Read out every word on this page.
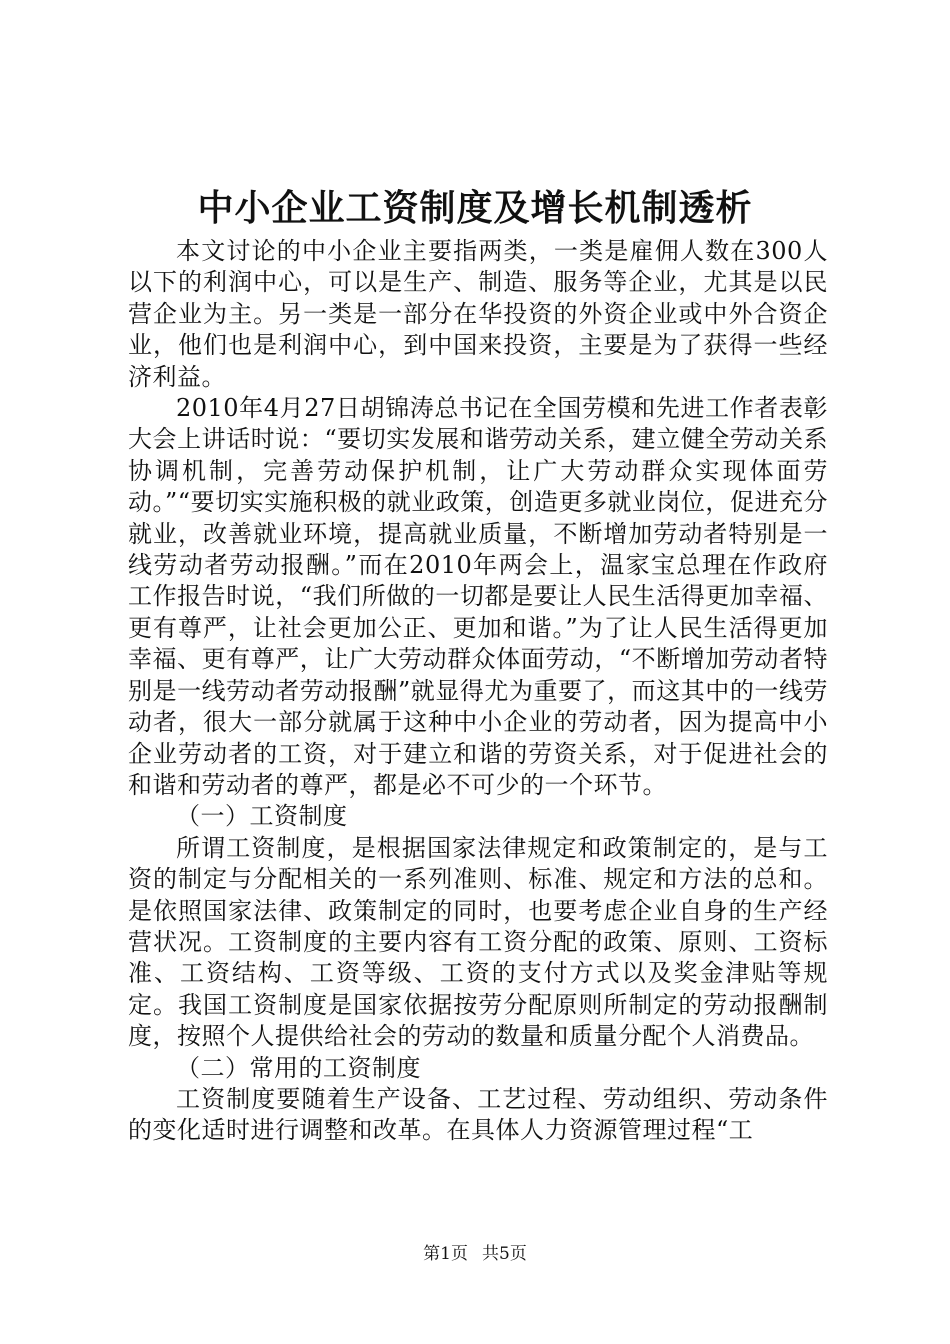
中小企业工资制度及增长机制透析

本文讨论的中小企业主要指两类，一类是雇佣人数在300人以下的利润中心，可以是生产、制造、服务等企业，尤其是以民营企业为主。另一类是一部分在华投资的外资企业或中外合资企业，他们也是利润中心，到中国来投资，主要是为了获得一些经济利益。

2010年4月27日胡锦涛总书记在全国劳模和先进工作者表彰大会上讲话时说：“要切实发展和谐劳动关系，建立健全劳动关系协调机制，完善劳动保护机制，让广大劳动群众实现体面劳动。”“要切实实施积极的就业政策，创造更多就业岗位，促进充分就业，改善就业环境，提高就业质量，不断增加劳动者特别是一线劳动者劳动报酬。”而在2010年两会上，温家宝总理在作政府工作报告时说，“我们所做的一切都是要让人民生活得更加幸福、更有尊严，让社会更加公正、更加和谐。”为了让人民生活得更加幸福、更有尊严，让广大劳动群众体面劳动，“不断增加劳动者特别是一线劳动者劳动报酬”就显得尤为重要了，而这其中的一线劳动者，很大一部分就属于这种中小企业的劳动者，因为提高中小企业劳动者的工资，对于建立和谐的劳资关系，对于促进社会的和谐和劳动者的尊严，都是必不可少的一个环节。

（一）工资制度

所谓工资制度，是根据国家法律规定和政策制定的，是与工资的制定与分配相关的一系列准则、标准、规定和方法的总和。是依照国家法律、政策制定的同时，也要考虑企业自身的生产经营状况。工资制度的主要内容有工资分配的政策、原则、工资标准、工资结构、工资等级、工资的支付方式以及奖金津贴等规定。我国工资制度是国家依据按劳分配原则所制定的劳动报酬制度，按照个人提供给社会的劳动的数量和质量分配个人消费品。

（二）常用的工资制度

工资制度要随着生产设备、工艺过程、劳动组织、劳动条件的变化适时进行调整和改革。在具体人力资源管理过程“工

第1页 共5页
